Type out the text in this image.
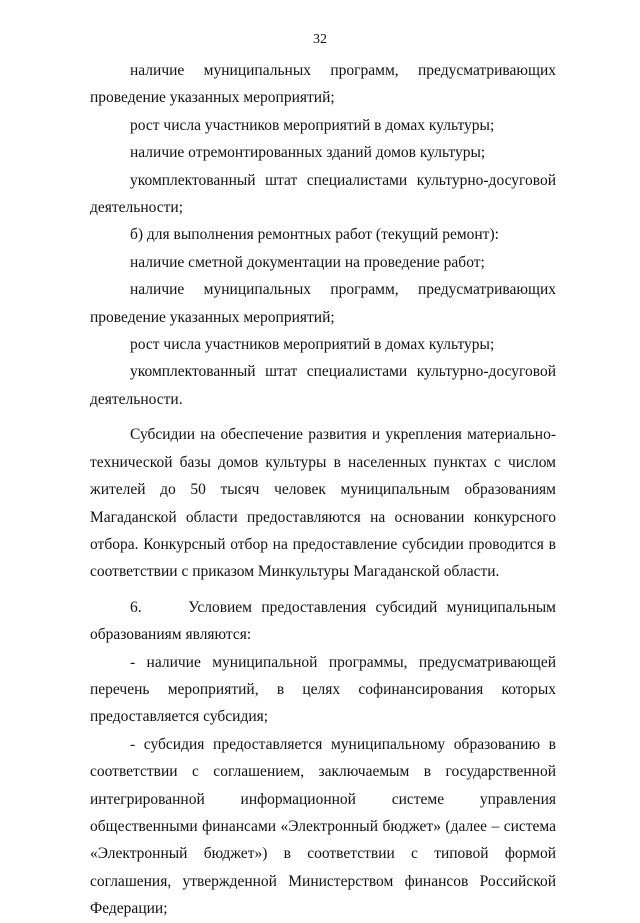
32

наличие муниципальных программ, предусматривающих проведение указанных мероприятий;

рост числа участников мероприятий в домах культуры;

наличие отремонтированных зданий домов культуры;

укомплектованный штат специалистами культурно-досуговой деятельности;

б) для выполнения ремонтных работ (текущий ремонт):

наличие сметной документации на проведение работ;

наличие муниципальных программ, предусматривающих проведение указанных мероприятий;

рост числа участников мероприятий в домах культуры;

укомплектованный штат специалистами культурно-досуговой деятельности.

Субсидии на обеспечение развития и укрепления материально-технической базы домов культуры в населенных пунктах с числом жителей до 50 тысяч человек муниципальным образованиям Магаданской области предоставляются на основании конкурсного отбора. Конкурсный отбор на предоставление субсидии проводится в соответствии с приказом Минкультуры Магаданской области.

6.     Условием предоставления субсидий муниципальным образованиям являются:

- наличие муниципальной программы, предусматривающей перечень мероприятий, в целях софинансирования которых предоставляется субсидия;

- субсидия предоставляется муниципальному образованию в соответствии с соглашением, заключаемым в государственной интегрированной информационной системе управления общественными финансами «Электронный бюджет» (далее – система «Электронный бюджет») в соответствии с типовой формой соглашения, утвержденной Министерством финансов Российской Федерации;
